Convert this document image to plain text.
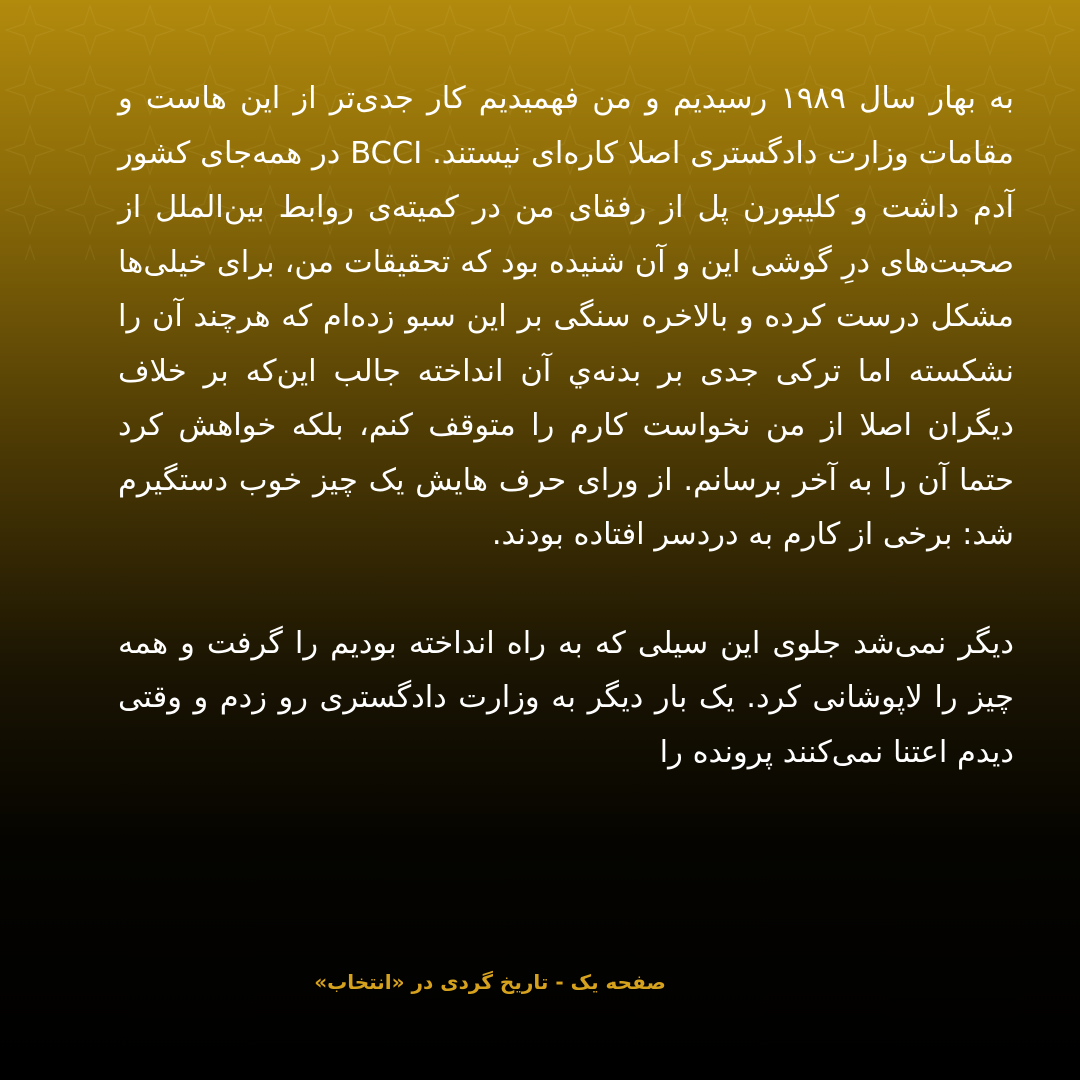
به بهار سال ۱۹۸۹ رسیدیم و من فهمیدیم کار جدی‌تر از این هاست و مقامات وزارت دادگستری اصلا کاره‌ای نیستند. BCCI در همه‌جای کشور آدم داشت و کلیبورن پل از رفقای من در کمیته‌ی روابط بین‌الملل از صحبت‌های درِ گوشی این و آن شنیده بود که تحقیقات من، برای خیلی‌ها مشکل درست کرده و بالاخره سنگی بر این سبو زده‌ام که هرچند آن را نشکسته اما ترکی جدی بر بدنه‌ي آن انداخته جالب این‌که بر خلاف دیگران اصلا از من نخواست کارم را متوقف کنم، بلکه خواهش کرد حتما آن را به آخر برسانم. از ورای حرف هایش یک چیز خوب دستگیرم شد: برخی از کارم به دردسر افتاده بودند.

دیگر نمی‌شد جلوی این سیلی که به راه انداخته بودیم را گرفت و همه چیز را لاپوشانی کرد. یک بار دیگر به وزارت دادگستری رو زدم و وقتی دیدم اعتنا نمی‌کنند پرونده را

صفحه یک - تاریخ گردی در «انتخاب»
